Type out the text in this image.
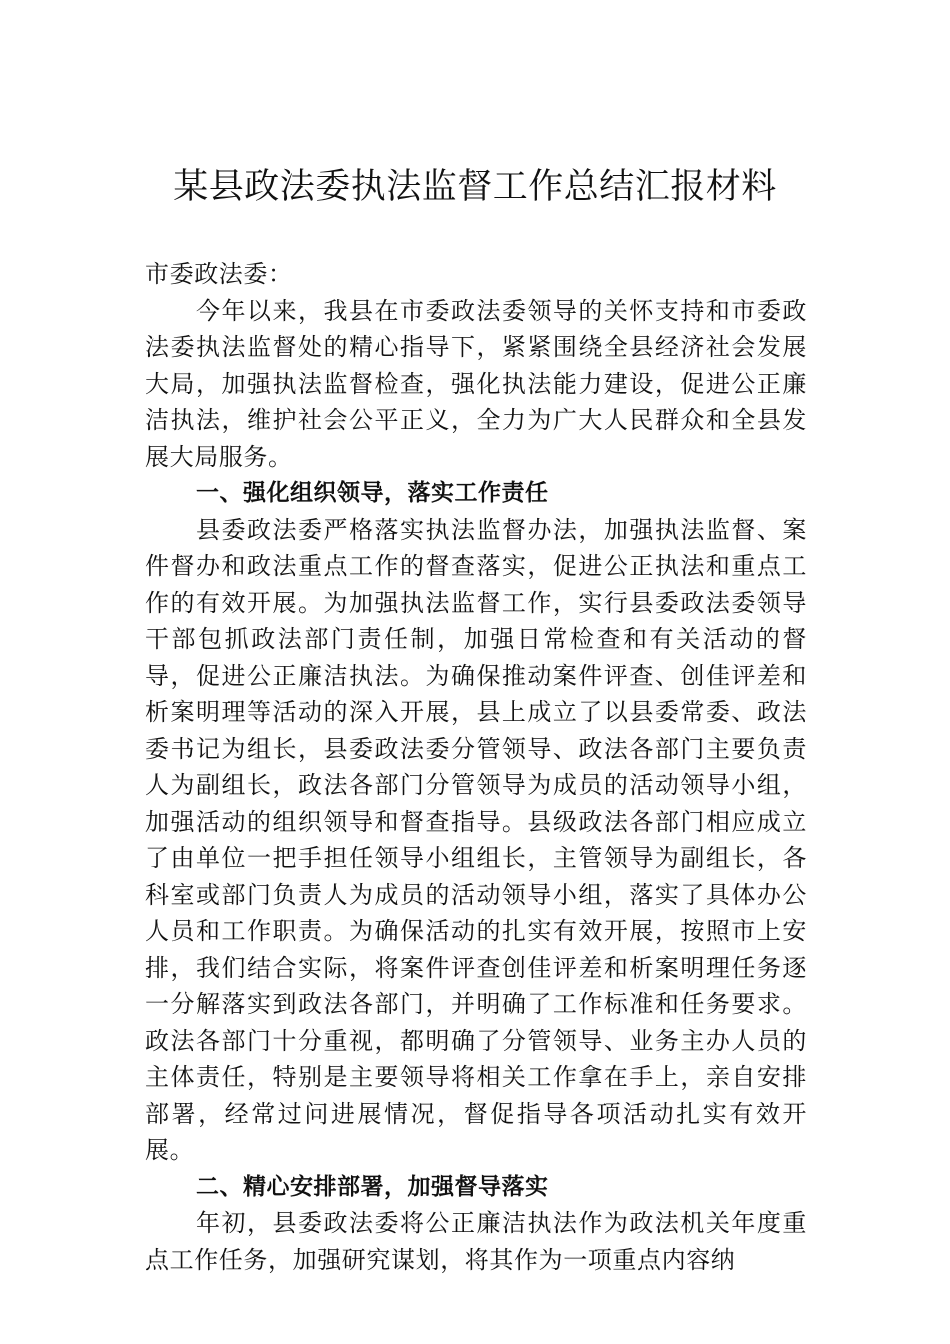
某县政法委执法监督工作总结汇报材料

市委政法委：

今年以来，我县在市委政法委领导的关怀支持和市委政法委执法监督处的精心指导下，紧紧围绕全县经济社会发展大局，加强执法监督检查，强化执法能力建设，促进公正廉洁执法，维护社会公平正义，全力为广大人民群众和全县发展大局服务。

一、强化组织领导，落实工作责任

县委政法委严格落实执法监督办法，加强执法监督、案件督办和政法重点工作的督查落实，促进公正执法和重点工作的有效开展。为加强执法监督工作，实行县委政法委领导干部包抓政法部门责任制，加强日常检查和有关活动的督导，促进公正廉洁执法。为确保推动案件评查、创佳评差和析案明理等活动的深入开展，县上成立了以县委常委、政法委书记为组长，县委政法委分管领导、政法各部门主要负责人为副组长，政法各部门分管领导为成员的活动领导小组，加强活动的组织领导和督查指导。县级政法各部门相应成立了由单位一把手担任领导小组组长，主管领导为副组长，各科室或部门负责人为成员的活动领导小组，落实了具体办公人员和工作职责。为确保活动的扎实有效开展，按照市上安排，我们结合实际，将案件评查创佳评差和析案明理任务逐一分解落实到政法各部门，并明确了工作标准和任务要求。政法各部门十分重视，都明确了分管领导、业务主办人员的主体责任，特别是主要领导将相关工作拿在手上，亲自安排部署，经常过问进展情况，督促指导各项活动扎实有效开展。

二、精心安排部署，加强督导落实

年初，县委政法委将公正廉洁执法作为政法机关年度重点工作任务，加强研究谋划，将其作为一项重点内容纳
